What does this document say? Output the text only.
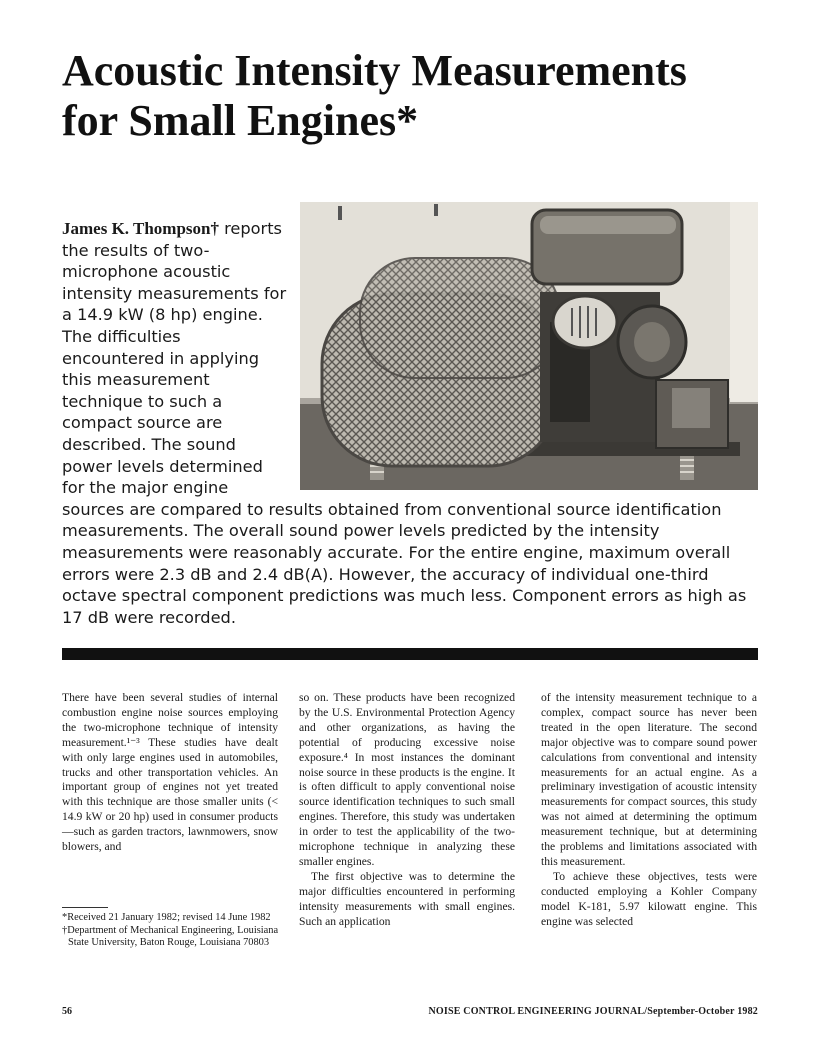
Acoustic Intensity Measurements
for Small Engines*
James K. Thompson† reports the results of two-microphone acoustic intensity measurements for a 14.9 kW (8 hp) engine. The difficulties encountered in applying this measurement technique to such a compact source are described. The sound power levels determined for the major engine sources are compared to results obtained from conventional source identification measurements. The overall sound power levels predicted by the intensity measurements were reasonably accurate. For the entire engine, maximum overall errors were 2.3 dB and 2.4 dB(A). However, the accuracy of individual one-third octave spectral component predictions was much less. Component errors as high as 17 dB were recorded.

There have been several studies of internal combustion engine noise sources employing the two-microphone technique of intensity measurement.¹⁻³ These studies have dealt with only large engines used in automobiles, trucks and other transportation vehicles. An important group of engines not yet treated with this technique are those smaller units (< 14.9 kW or 20 hp) used in consumer products—such as garden tractors, lawnmowers, snow blowers, and

*Received 21 January 1982; revised 14 June 1982

†Department of Mechanical Engineering, Louisiana State University, Baton Rouge, Louisiana 70803

so on. These products have been recognized by the U.S. Environmental Protection Agency and other organizations, as having the potential of producing excessive noise exposure.⁴ In most instances the dominant noise source in these products is the engine. It is often difficult to apply conventional noise source identification techniques to such small engines. Therefore, this study was undertaken in order to test the applicability of the two-microphone technique in analyzing these smaller engines.

The first objective was to determine the major difficulties encountered in performing intensity measurements with small engines. Such an application

of the intensity measurement technique to a complex, compact source has never been treated in the open literature. The second major objective was to compare sound power calculations from conventional and intensity measurements for an actual engine. As a preliminary investigation of acoustic intensity measurements for compact sources, this study was not aimed at determining the optimum measurement technique, but at determining the problems and limitations associated with this measurement.

To achieve these objectives, tests were conducted employing a Kohler Company model K-181, 5.97 kilowatt engine. This engine was selected

56	NOISE CONTROL ENGINEERING JOURNAL/September-October 1982
